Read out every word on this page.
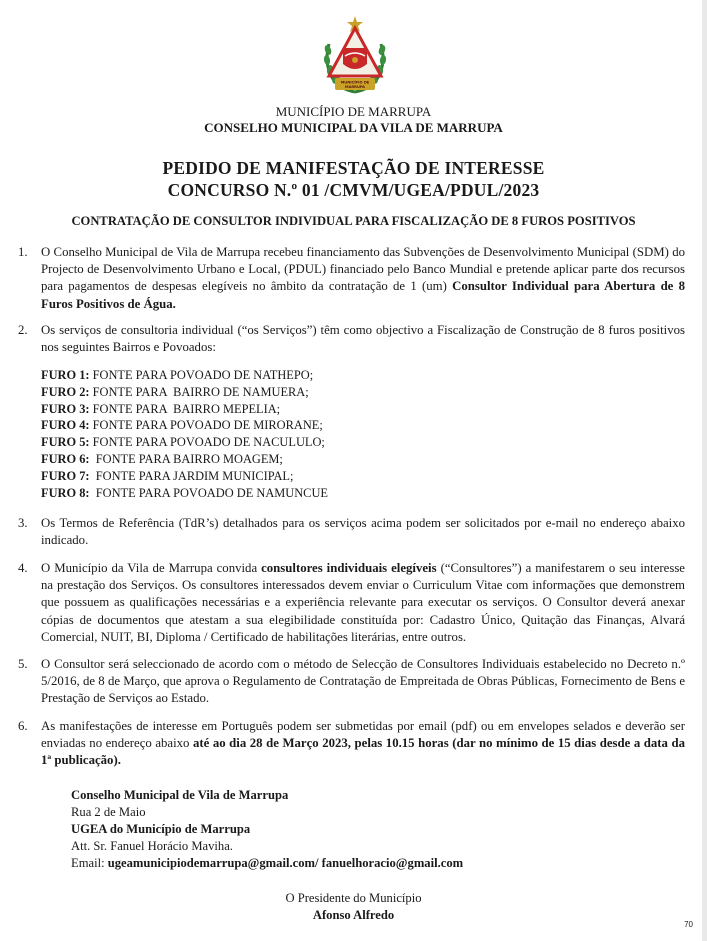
MUNICÍPIO DE
MARRUPA
MUNICÍPIO DE MARRUPA
CONSELHO MUNICIPAL DA VILA DE MARRUPA
PEDIDO DE MANIFESTAÇÃO DE INTERESSE
CONCURSO N.º 01 /CMVM/UGEA/PDUL/2023
CONTRATAÇÃO DE CONSULTOR INDIVIDUAL PARA FISCALIZAÇÃO DE 8 FUROS POSITIVOS
1.	O Conselho Municipal de Vila de Marrupa recebeu financiamento das Subvenções de Desenvolvimento Municipal (SDM) do Projecto de Desenvolvimento Urbano e Local, (PDUL) financiado pelo Banco Mundial e pretende aplicar parte dos recursos para pagamentos de despesas elegíveis no âmbito da contratação de 1 (um) Consultor Individual para Abertura de 8 Furos Positivos de Água.
2.	Os serviços de consultoria individual (“os Serviços”) têm como objectivo a Fiscalização de Construção de 8 furos positivos nos seguintes Bairros e Povoados:
FURO 1: FONTE PARA POVOADO DE NATHEPO;
FURO 2: FONTE PARA  BAIRRO DE NAMUERA;
FURO 3: FONTE PARA  BAIRRO MEPELIA;
FURO 4: FONTE PARA POVOADO DE MIRORANE;
FURO 5: FONTE PARA POVOADO DE NACULULO;
FURO 6:  FONTE PARA BAIRRO MOAGEM;
FURO 7:  FONTE PARA JARDIM MUNICIPAL;
FURO 8:  FONTE PARA POVOADO DE NAMUNCUE
3.	Os Termos de Referência (TdR’s) detalhados para os serviços acima podem ser solicitados por e-mail no endereço abaixo indicado.
4.	O Município da Vila de Marrupa convida consultores individuais elegíveis (“Consultores”) a manifestarem o seu interesse na prestação dos Serviços. Os consultores interessados devem enviar o Curriculum Vitae com informações que demonstrem que possuem as qualificações necessárias e a experiência relevante para executar os serviços. O Consultor deverá anexar cópias de documentos que atestam a sua elegibilidade constituída por: Cadastro Único, Quitação das Finanças, Alvará Comercial, NUIT, BI, Diploma / Certificado de habilitações literárias, entre outros.
5.	O Consultor será seleccionado de acordo com o método de Selecção de Consultores Individuais estabelecido no Decreto n.º 5/2016, de 8 de Março, que aprova o Regulamento de Contratação de Empreitada de Obras Públicas, Fornecimento de Bens e Prestação de Serviços ao Estado.
6.	As manifestações de interesse em Português podem ser submetidas por email (pdf) ou em envelopes selados e deverão ser enviadas no endereço abaixo até ao dia 28 de Março 2023, pelas 10.15 horas (dar no mínimo de 15 dias desde a data da 1ª publicação).
Conselho Municipal de Vila de Marrupa
Rua 2 de Maio
UGEA do Município de Marrupa
Att. Sr. Fanuel Horácio Maviha.
Email: ugeamunicipiodemarrupa@gmail.com/ fanuelhoracio@gmail.com
O Presidente do Município
Afonso Alfredo
70
